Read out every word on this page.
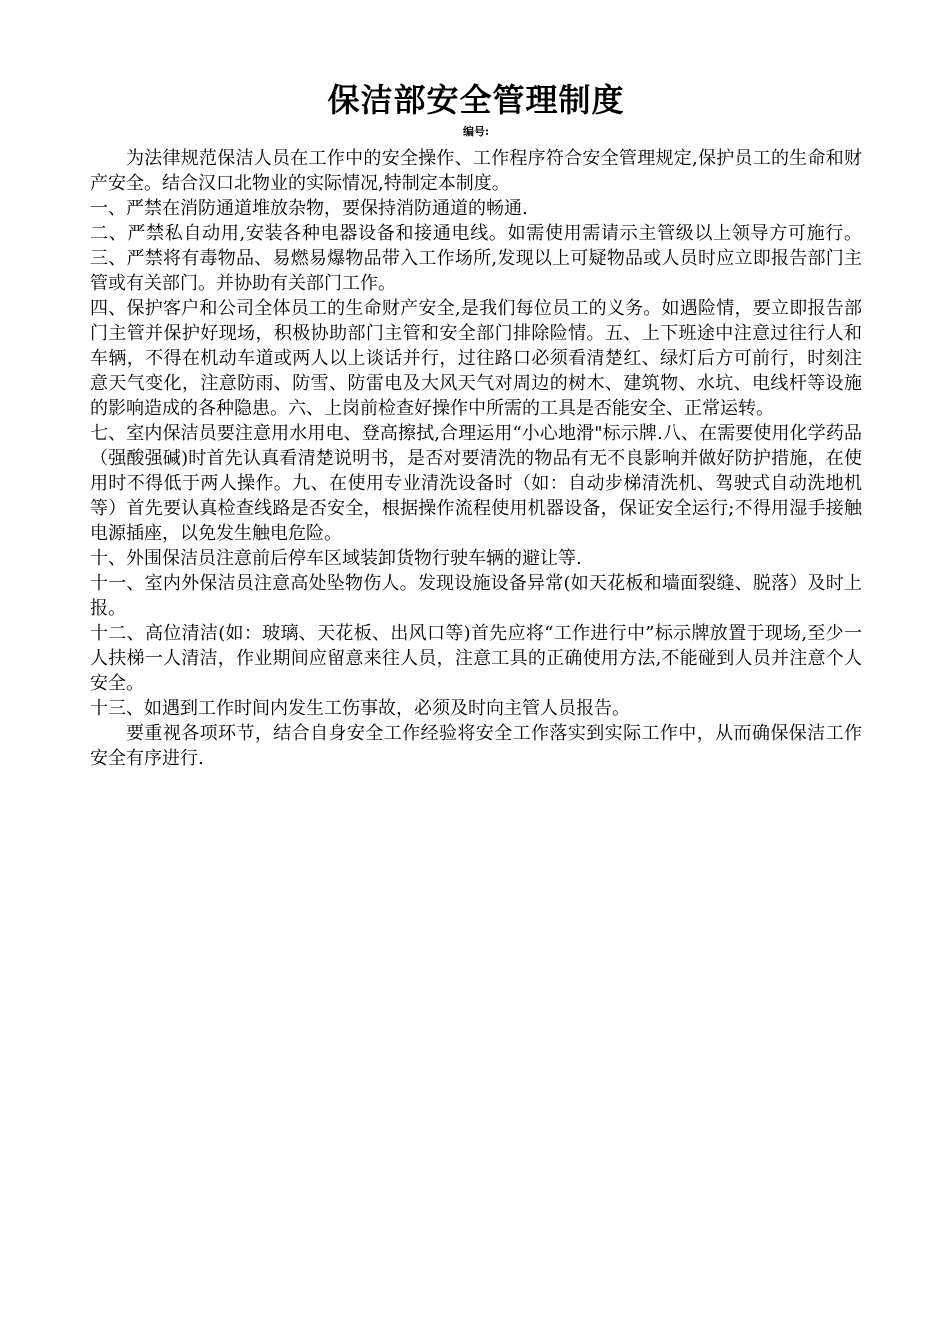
保洁部安全管理制度
编号:

为法律规范保洁人员在工作中的安全操作、工作程序符合安全管理规定,保护员工的生命和财产安全。结合汉口北物业的实际情况,特制定本制度。

一、严禁在消防通道堆放杂物，要保持消防通道的畅通.

二、严禁私自动用,安装各种电器设备和接通电线。如需使用需请示主管级以上领导方可施行。三、严禁将有毒物品、易燃易爆物品带入工作场所,发现以上可疑物品或人员时应立即报告部门主管或有关部门。并协助有关部门工作。

四、保护客户和公司全体员工的生命财产安全,是我们每位员工的义务。如遇险情，要立即报告部门主管并保护好现场，积极协助部门主管和安全部门排除险情。五、上下班途中注意过往行人和车辆，不得在机动车道或两人以上谈话并行，过往路口必须看清楚红、绿灯后方可前行，时刻注意天气变化，注意防雨、防雪、防雷电及大风天气对周边的树木、建筑物、水坑、电线杆等设施的影响造成的各种隐患。六、上岗前检查好操作中所需的工具是否能安全、正常运转。

七、室内保洁员要注意用水用电、登高擦拭,合理运用“小心地滑"标示牌.八、在需要使用化学药品（强酸强碱)时首先认真看清楚说明书，是否对要清洗的物品有无不良影响并做好防护措施，在使用时不得低于两人操作。九、在使用专业清洗设备时（如：自动步梯清洗机、驾驶式自动洗地机等）首先要认真检查线路是否安全，根据操作流程使用机器设备，保证安全运行;不得用湿手接触电源插座，以免发生触电危险。

十、外围保洁员注意前后停车区域装卸货物行驶车辆的避让等.

十一、室内外保洁员注意高处坠物伤人。发现设施设备异常(如天花板和墙面裂缝、脱落）及时上报。

十二、高位清洁(如：玻璃、天花板、出风口等)首先应将“工作进行中”标示牌放置于现场,至少一人扶梯一人清洁，作业期间应留意来往人员，注意工具的正确使用方法,不能碰到人员并注意个人安全。

十三、如遇到工作时间内发生工伤事故，必须及时向主管人员报告。

要重视各项环节，结合自身安全工作经验将安全工作落实到实际工作中，从而确保保洁工作安全有序进行.
